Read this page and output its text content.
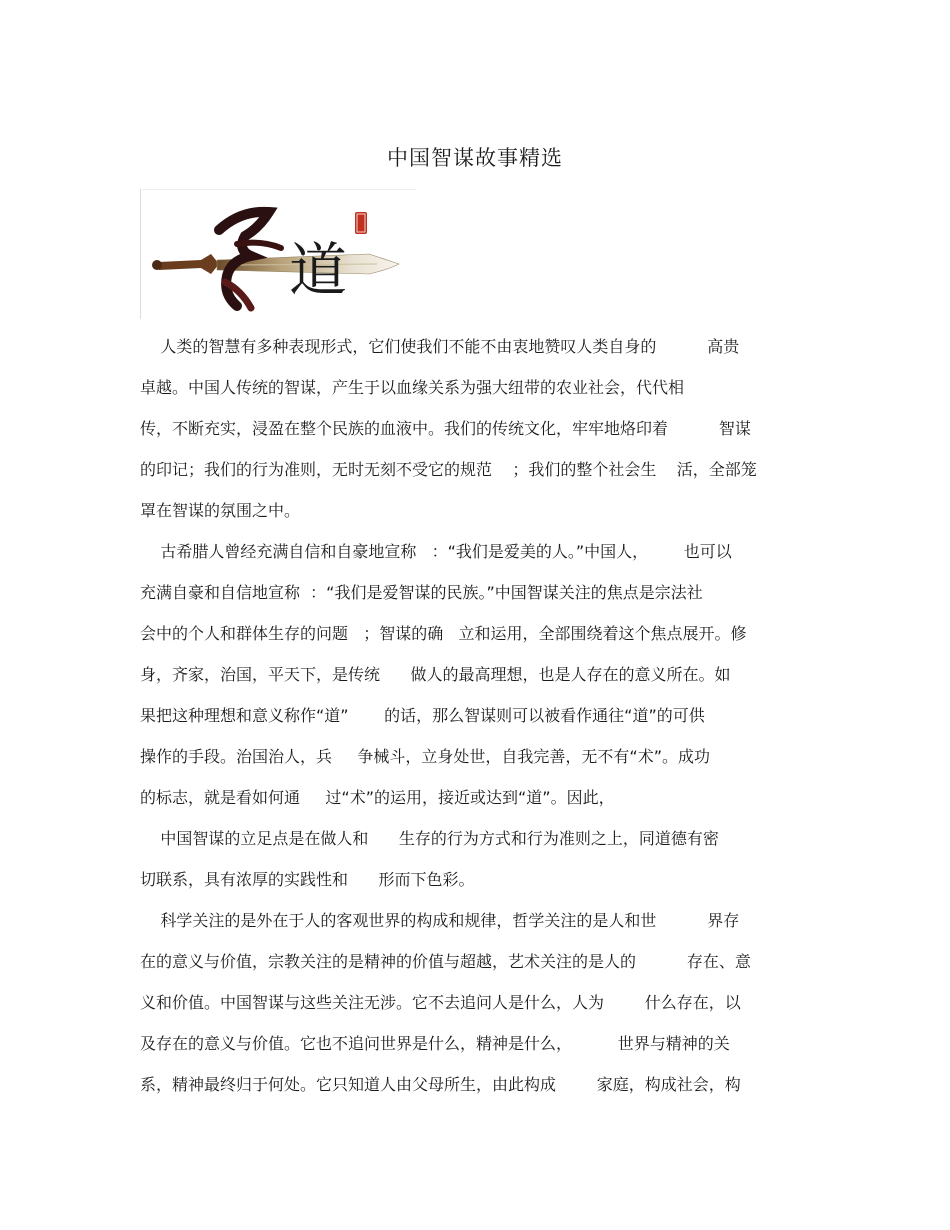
中国智谋故事精选
道
人类的智慧有多种表现形式，它们使我们不能不由衷地赞叹人类自身的          高贵
卓越。中国人传统的智谋，产生于以血缘关系为强大纽带的农业社会，代代相
传，不断充实，浸盈在整个民族的血液中。我们的传统文化，牢牢地烙印着          智谋
的印记；我们的行为准则，无时无刻不受它的规范    ；我们的整个社会生    活，全部笼
罩在智谋的氛围之中。
古希腊人曾经充满自信和自豪地宣称   ：“我们是爱美的人。”中国人，       也可以
充满自豪和自信地宣称  ：“我们是爱智谋的民族。”中国智谋关注的焦点是宗法社
会中的个人和群体生存的问题   ；智谋的确   立和运用，全部围绕着这个焦点展开。修
身，齐家，治国，平天下，是传统      做人的最高理想，也是人存在的意义所在。如
果把这种理想和意义称作“道”       的话，那么智谋则可以被看作通往“道”的可供
操作的手段。治国治人，兵     争械斗，立身处世，自我完善，无不有“术”。成功
的标志，就是看如何通     过“术”的运用，接近或达到“道”。因此，
中国智谋的立足点是在做人和      生存的行为方式和行为准则之上，同道德有密
切联系，具有浓厚的实践性和      形而下色彩。
科学关注的是外在于人的客观世界的构成和规律，哲学关注的是人和世          界存
在的意义与价值，宗教关注的是精神的价值与超越，艺术关注的是人的          存在、意
义和价值。中国智谋与这些关注无涉。它不去追问人是什么，人为        什么存在，以
及存在的意义与价值。它也不追问世界是什么，精神是什么，         世界与精神的关
系，精神最终归于何处。它只知道人由父母所生，由此构成        家庭，构成社会，构
